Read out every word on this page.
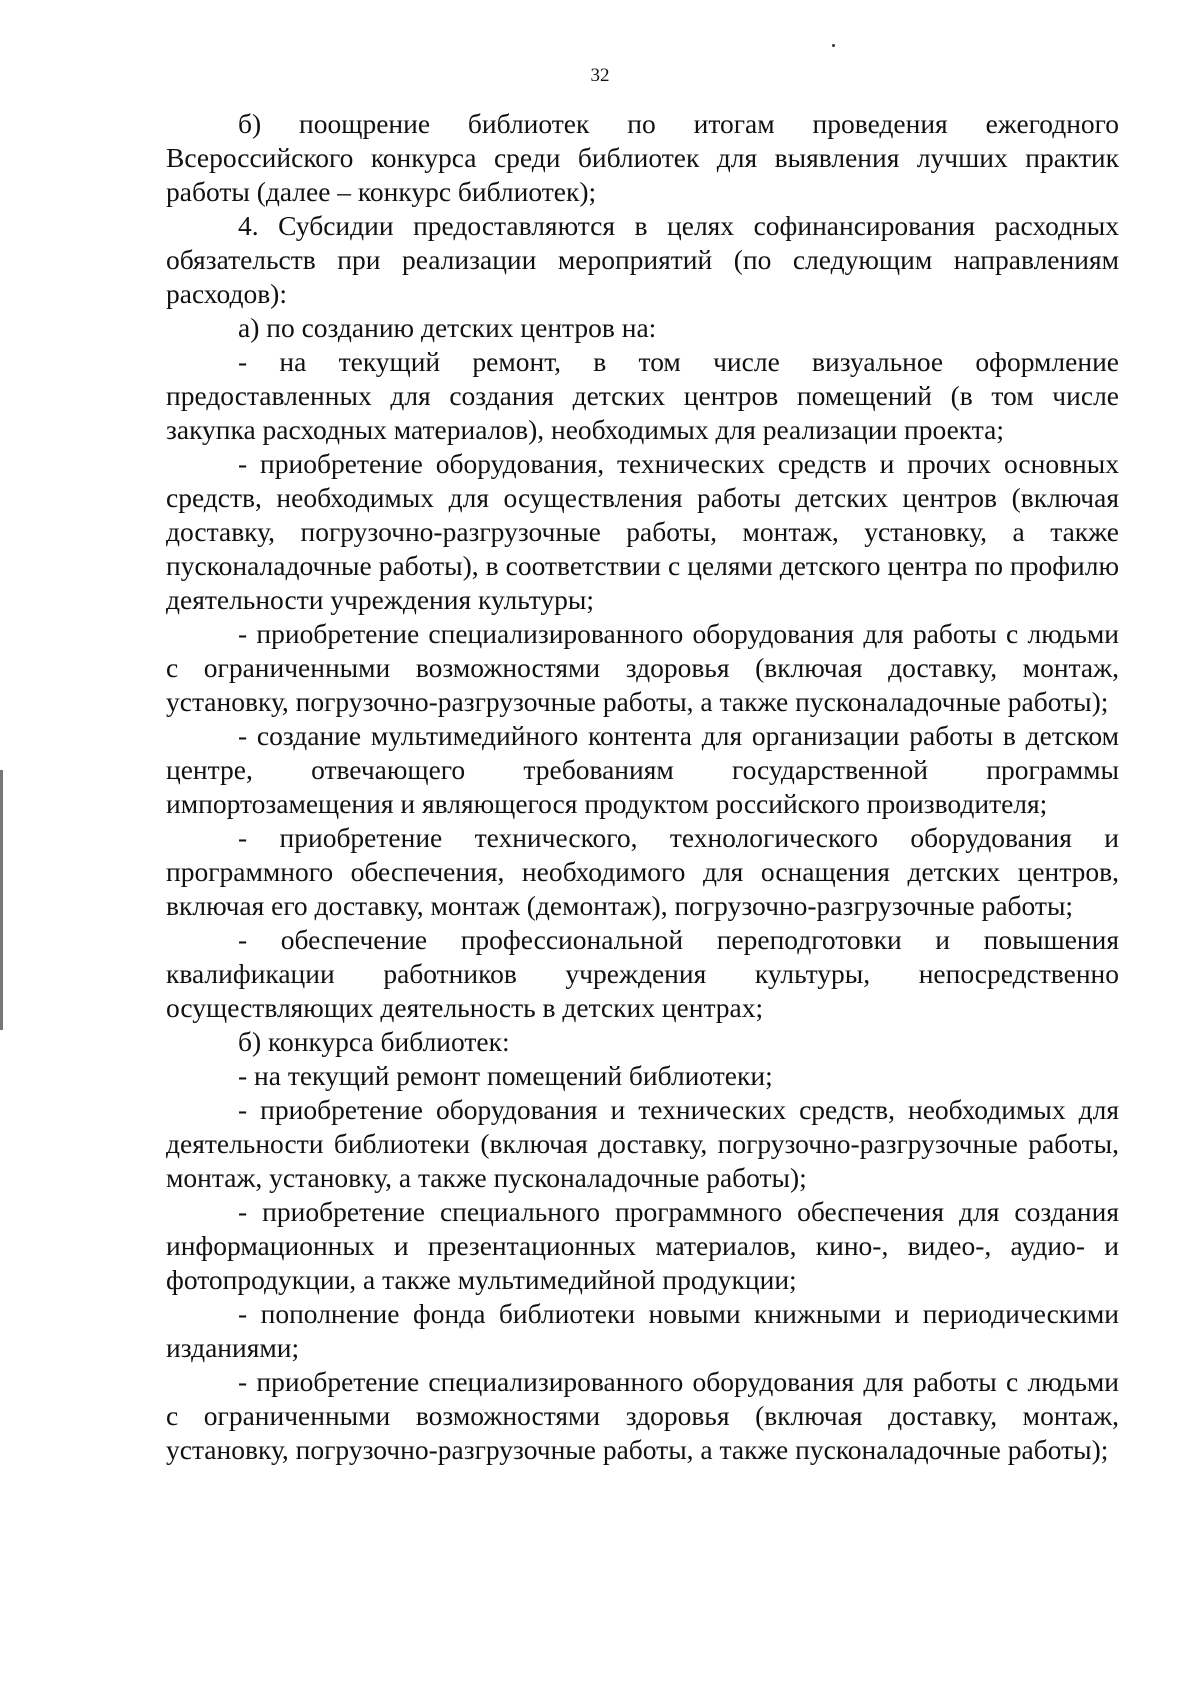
32

б) поощрение библиотек по итогам проведения ежегодного Всероссийского конкурса среди библиотек для выявления лучших практик работы (далее – конкурс библиотек);

4. Субсидии предоставляются в целях софинансирования расходных обязательств при реализации мероприятий (по следующим направлениям расходов):

а) по созданию детских центров на:

- на текущий ремонт, в том числе визуальное оформление предоставленных для создания детских центров помещений (в том числе закупка расходных материалов), необходимых для реализации проекта;

- приобретение оборудования, технических средств и прочих основных средств, необходимых для осуществления работы детских центров (включая доставку, погрузочно-разгрузочные работы, монтаж, установку, а также пусконаладочные работы), в соответствии с целями детского центра по профилю деятельности учреждения культуры;

- приобретение специализированного оборудования для работы с людьми с ограниченными возможностями здоровья (включая доставку, монтаж, установку, погрузочно-разгрузочные работы, а также пусконаладочные работы);

- создание мультимедийного контента для организации работы в детском центре, отвечающего требованиям государственной программы импортозамещения и являющегося продуктом российского производителя;

- приобретение технического, технологического оборудования и программного обеспечения, необходимого для оснащения детских центров, включая его доставку, монтаж (демонтаж), погрузочно-разгрузочные работы;

- обеспечение профессиональной переподготовки и повышения квалификации работников учреждения культуры, непосредственно осуществляющих деятельность в детских центрах;

б) конкурса библиотек:

- на текущий ремонт помещений библиотеки;

- приобретение оборудования и технических средств, необходимых для деятельности библиотеки (включая доставку, погрузочно-разгрузочные работы, монтаж, установку, а также пусконаладочные работы);

- приобретение специального программного обеспечения для создания информационных и презентационных материалов, кино-, видео-, аудио- и фотопродукции, а также мультимедийной продукции;

- пополнение фонда библиотеки новыми книжными и периодическими изданиями;

- приобретение специализированного оборудования для работы с людьми с ограниченными возможностями здоровья (включая доставку, монтаж, установку, погрузочно-разгрузочные работы, а также пусконаладочные работы);
